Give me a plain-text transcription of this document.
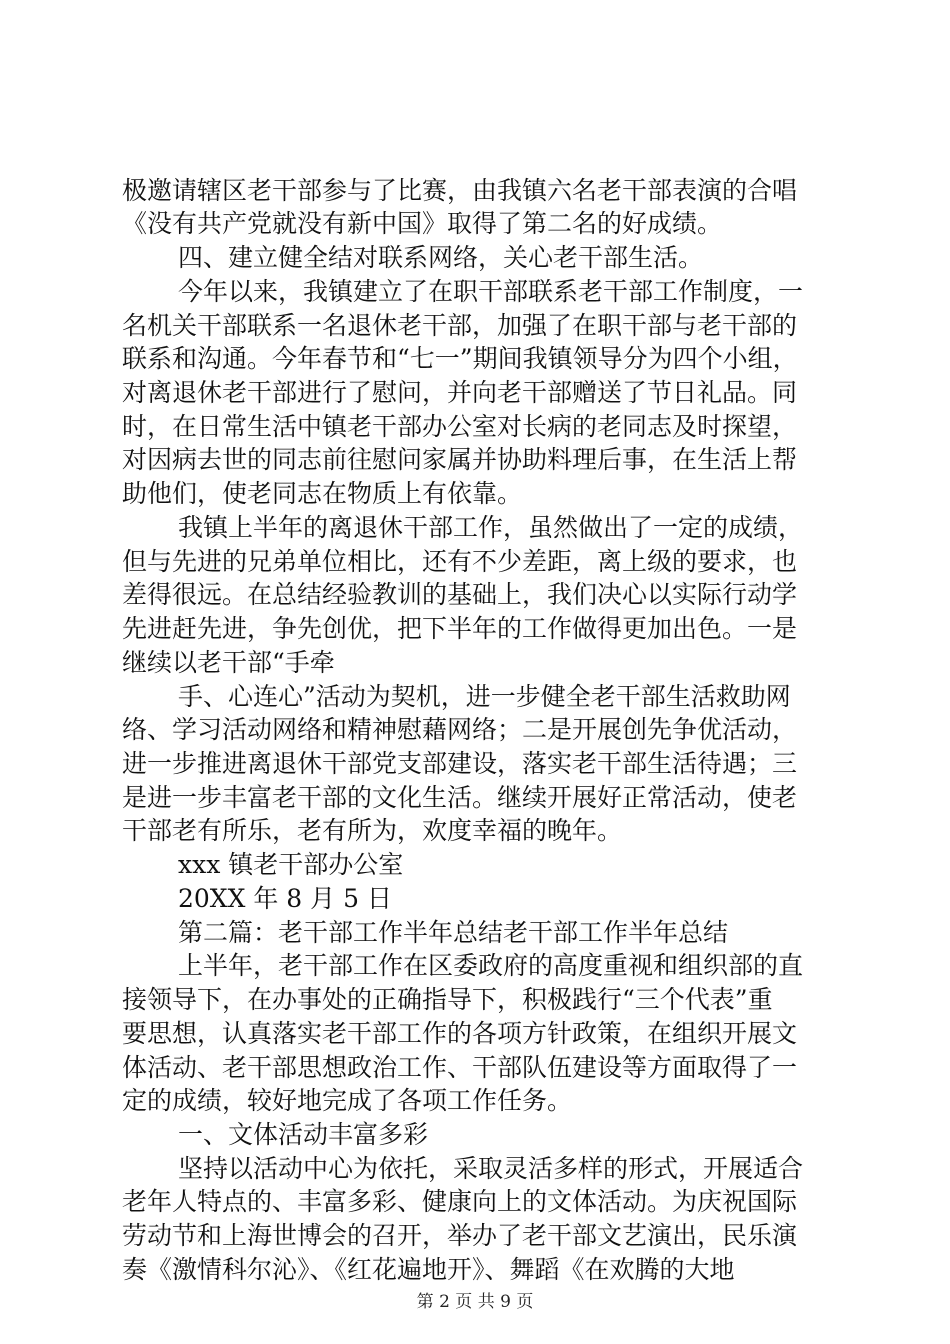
极邀请辖区老干部参与了比赛，由我镇六名老干部表演的合唱
《没有共产党就没有新中国》取得了第二名的好成绩。
四、建立健全结对联系网络，关心老干部生活。
今年以来，我镇建立了在职干部联系老干部工作制度，一
名机关干部联系一名退休老干部，加强了在职干部与老干部的
联系和沟通。今年春节和“七一”期间我镇领导分为四个小组，
对离退休老干部进行了慰问，并向老干部赠送了节日礼品。同
时，在日常生活中镇老干部办公室对长病的老同志及时探望，
对因病去世的同志前往慰问家属并协助料理后事，在生活上帮
助他们，使老同志在物质上有依靠。
我镇上半年的离退休干部工作，虽然做出了一定的成绩，
但与先进的兄弟单位相比，还有不少差距，离上级的要求，也
差得很远。在总结经验教训的基础上，我们决心以实际行动学
先进赶先进，争先创优，把下半年的工作做得更加出色。一是
继续以老干部“手牵
手、心连心”活动为契机，进一步健全老干部生活救助网
络、学习活动网络和精神慰藉网络；二是开展创先争优活动，
进一步推进离退休干部党支部建设，落实老干部生活待遇；三
是进一步丰富老干部的文化生活。继续开展好正常活动，使老
干部老有所乐，老有所为，欢度幸福的晚年。
xxx 镇老干部办公室
20XX 年 8 月 5 日
第二篇：老干部工作半年总结老干部工作半年总结
上半年，老干部工作在区委政府的高度重视和组织部的直
接领导下，在办事处的正确指导下，积极践行“三个代表”重
要思想，认真落实老干部工作的各项方针政策，在组织开展文
体活动、老干部思想政治工作、干部队伍建设等方面取得了一
定的成绩，较好地完成了各项工作任务。
一、文体活动丰富多彩
坚持以活动中心为依托，采取灵活多样的形式，开展适合
老年人特点的、丰富多彩、健康向上的文体活动。为庆祝国际
劳动节和上海世博会的召开，举办了老干部文艺演出，民乐演
奏《激情科尔沁》、《红花遍地开》、舞蹈《在欢腾的大地
第 2 页 共 9 页
